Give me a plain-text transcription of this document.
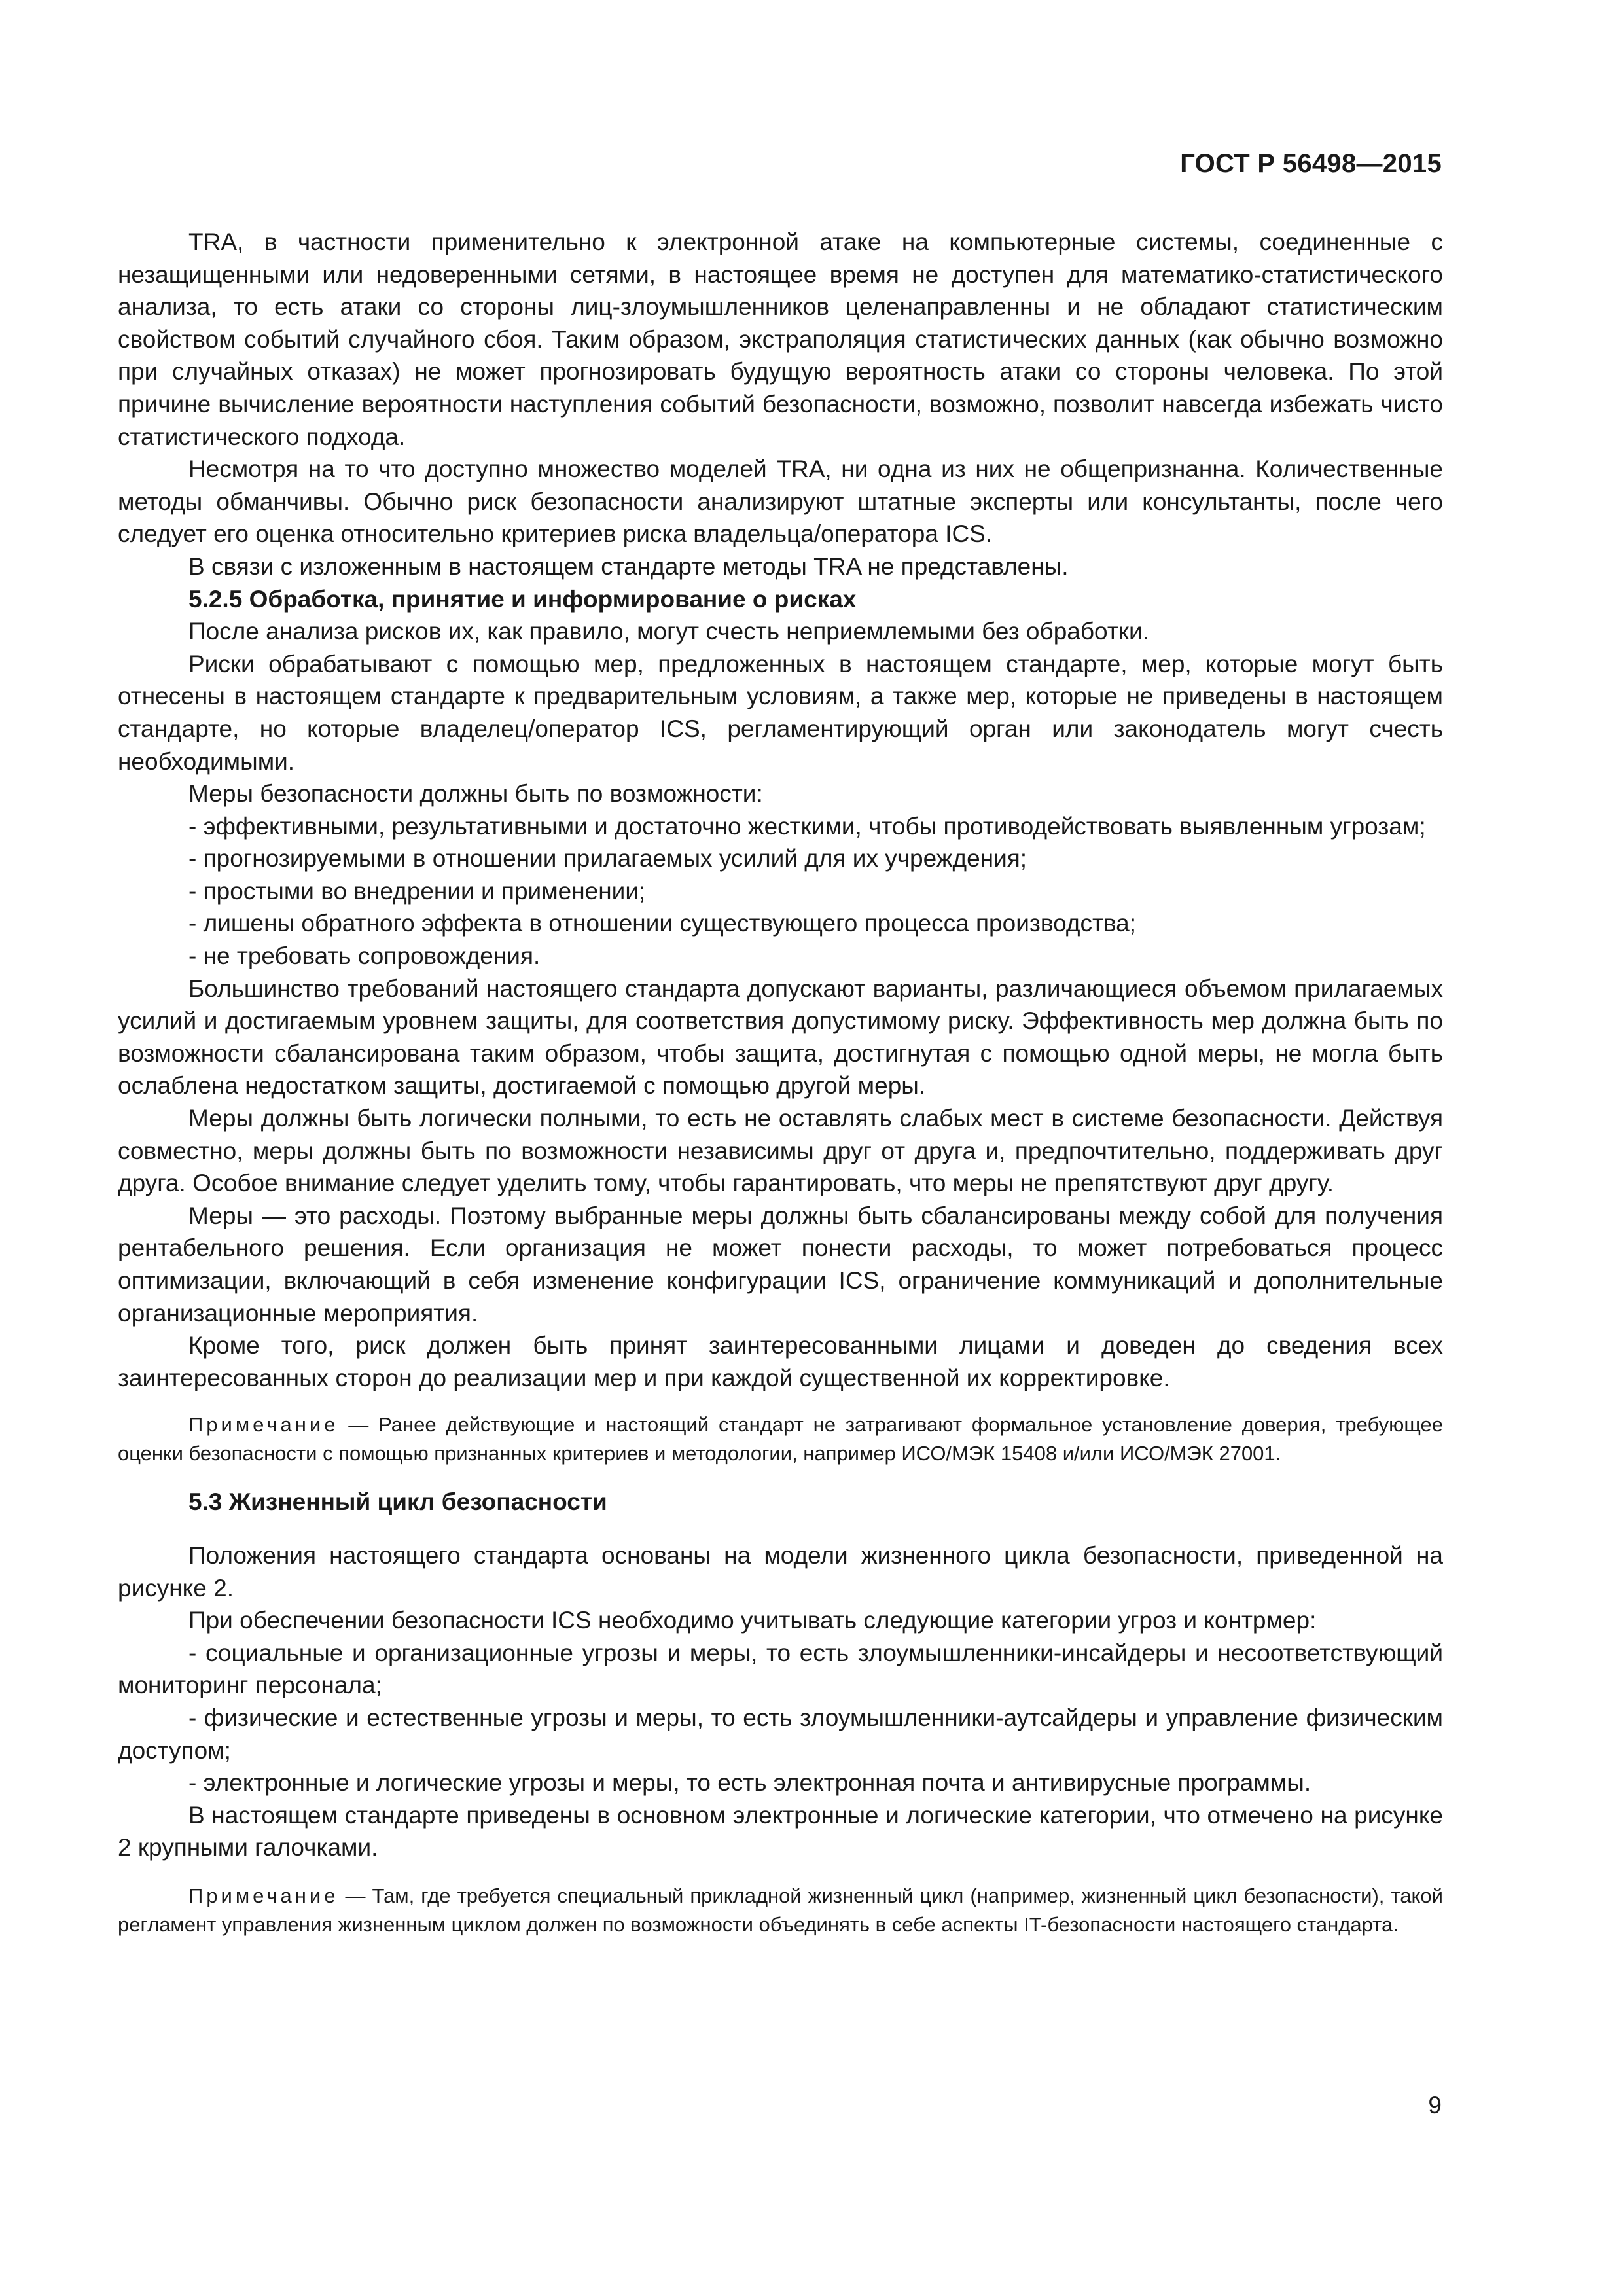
ГОСТ Р 56498—2015

TRA, в частности применительно к электронной атаке на компьютерные системы, соединенные с незащищенными или недоверенными сетями, в настоящее время не доступен для математико-статистического анализа, то есть атаки со стороны лиц-злоумышленников целенаправленны и не обладают статистическим свойством событий случайного сбоя. Таким образом, экстраполяция статистических данных (как обычно возможно при случайных отказах) не может прогнозировать будущую вероятность атаки со стороны человека. По этой причине вычисление вероятности наступления событий безопасности, возможно, позволит навсегда избежать чисто статистического подхода.

Несмотря на то что доступно множество моделей TRA, ни одна из них не общепризнанна. Количественные методы обманчивы. Обычно риск безопасности анализируют штатные эксперты или консультанты, после чего следует его оценка относительно критериев риска владельца/оператора ICS.

В связи с изложенным в настоящем стандарте методы TRA не представлены.

5.2.5 Обработка, принятие и информирование о рисках

После анализа рисков их, как правило, могут счесть неприемлемыми без обработки.

Риски обрабатывают с помощью мер, предложенных в настоящем стандарте, мер, которые могут быть отнесены в настоящем стандарте к предварительным условиям, а также мер, которые не приведены в настоящем стандарте, но которые владелец/оператор ICS, регламентирующий орган или законодатель могут счесть необходимыми.

Меры безопасности должны быть по возможности:

- эффективными, результативными и достаточно жесткими, чтобы противодействовать выявленным угрозам;

- прогнозируемыми в отношении прилагаемых усилий для их учреждения;

- простыми во внедрении и применении;

- лишены обратного эффекта в отношении существующего процесса производства;

- не требовать сопровождения.

Большинство требований настоящего стандарта допускают варианты, различающиеся объемом прилагаемых усилий и достигаемым уровнем защиты, для соответствия допустимому риску. Эффективность мер должна быть по возможности сбалансирована таким образом, чтобы защита, достигнутая с помощью одной меры, не могла быть ослаблена недостатком защиты, достигаемой с помощью другой меры.

Меры должны быть логически полными, то есть не оставлять слабых мест в системе безопасности. Действуя совместно, меры должны быть по возможности независимы друг от друга и, предпочтительно, поддерживать друг друга. Особое внимание следует уделить тому, чтобы гарантировать, что меры не препятствуют друг другу.

Меры — это расходы. Поэтому выбранные меры должны быть сбалансированы между собой для получения рентабельного решения. Если организация не может понести расходы, то может потребоваться процесс оптимизации, включающий в себя изменение конфигурации ICS, ограничение коммуникаций и дополнительные организационные мероприятия.

Кроме того, риск должен быть принят заинтересованными лицами и доведен до сведения всех заинтересованных сторон до реализации мер и при каждой существенной их корректировке.

Примечание — Ранее действующие и настоящий стандарт не затрагивают формальное установление доверия, требующее оценки безопасности с помощью признанных критериев и методологии, например ИСО/МЭК 15408 и/или ИСО/МЭК 27001.

5.3 Жизненный цикл безопасности

Положения настоящего стандарта основаны на модели жизненного цикла безопасности, приведенной на рисунке 2.

При обеспечении безопасности ICS необходимо учитывать следующие категории угроз и контрмер:

- социальные и организационные угрозы и меры, то есть злоумышленники-инсайдеры и несоответствующий мониторинг персонала;

- физические и естественные угрозы и меры, то есть злоумышленники-аутсайдеры и управление физическим доступом;

- электронные и логические угрозы и меры, то есть электронная почта и антивирусные программы.

В настоящем стандарте приведены в основном электронные и логические категории, что отмечено на рисунке 2 крупными галочками.

Примечание — Там, где требуется специальный прикладной жизненный цикл (например, жизненный цикл безопасности), такой регламент управления жизненным циклом должен по возможности объединять в себе аспекты IT-безопасности настоящего стандарта.

9
